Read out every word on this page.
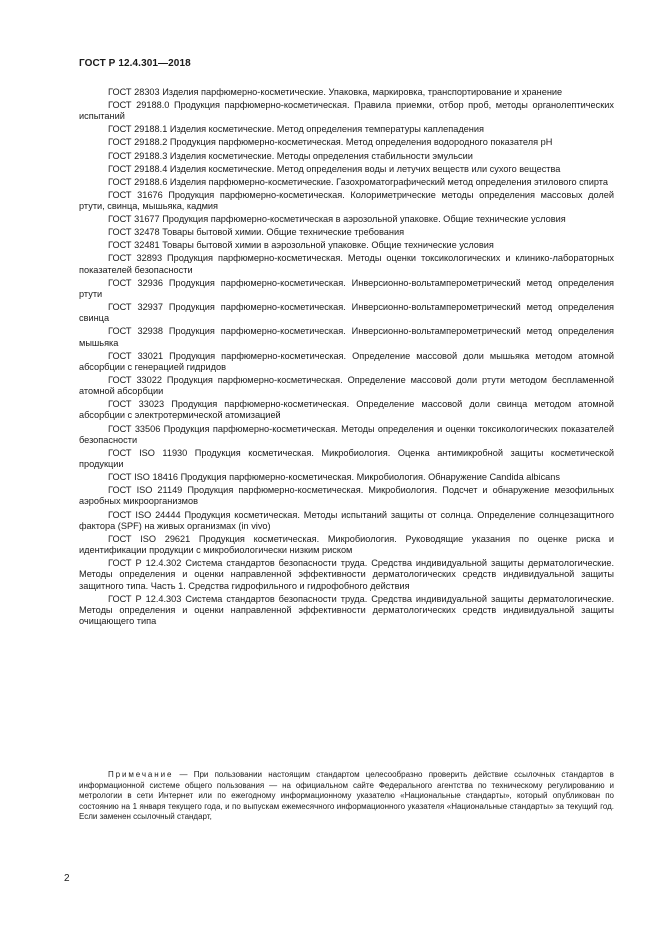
ГОСТ Р 12.4.301—2018

ГОСТ 28303 Изделия парфюмерно-косметические. Упаковка, маркировка, транспортирование и хранение

ГОСТ 29188.0 Продукция парфюмерно-косметическая. Правила приемки, отбор проб, методы органолептических испытаний

ГОСТ 29188.1 Изделия косметические. Метод определения температуры каплепадения

ГОСТ 29188.2 Продукция парфюмерно-косметическая. Метод определения водородного показателя pH

ГОСТ 29188.3 Изделия косметические. Методы определения стабильности эмульсии

ГОСТ 29188.4 Изделия косметические. Метод определения воды и летучих веществ или сухого вещества

ГОСТ 29188.6 Изделия парфюмерно-косметические. Газохроматографический метод определения этилового спирта

ГОСТ 31676 Продукция парфюмерно-косметическая. Колориметрические методы определения массовых долей ртути, свинца, мышьяка, кадмия

ГОСТ 31677 Продукция парфюмерно-косметическая в аэрозольной упаковке. Общие технические условия

ГОСТ 32478 Товары бытовой химии. Общие технические требования

ГОСТ 32481 Товары бытовой химии в аэрозольной упаковке. Общие технические условия

ГОСТ 32893 Продукция парфюмерно-косметическая. Методы оценки токсикологических и клинико-лабораторных показателей безопасности

ГОСТ 32936 Продукция парфюмерно-косметическая. Инверсионно-вольтамперометрический метод определения ртути

ГОСТ 32937 Продукция парфюмерно-косметическая. Инверсионно-вольтамперометрический метод определения свинца

ГОСТ 32938 Продукция парфюмерно-косметическая. Инверсионно-вольтамперометрический метод определения мышьяка

ГОСТ 33021 Продукция парфюмерно-косметическая. Определение массовой доли мышьяка методом атомной абсорбции с генерацией гидридов

ГОСТ 33022 Продукция парфюмерно-косметическая. Определение массовой доли ртути методом беспламенной атомной абсорбции

ГОСТ 33023 Продукция парфюмерно-косметическая. Определение массовой доли свинца методом атомной абсорбции с электротермической атомизацией

ГОСТ 33506 Продукция парфюмерно-косметическая. Методы определения и оценки токсикологических показателей безопасности

ГОСТ ISO 11930 Продукция косметическая. Микробиология. Оценка антимикробной защиты косметической продукции

ГОСТ ISO 18416 Продукция парфюмерно-косметическая. Микробиология. Обнаружение Candida albicans

ГОСТ ISO 21149 Продукция парфюмерно-косметическая. Микробиология. Подсчет и обнаружение мезофильных аэробных микроорганизмов

ГОСТ ISO 24444 Продукция косметическая. Методы испытаний защиты от солнца. Определение солнцезащитного фактора (SPF) на живых организмах (in vivo)

ГОСТ ISO 29621 Продукция косметическая. Микробиология. Руководящие указания по оценке риска и идентификации продукции с микробиологически низким риском

ГОСТ Р 12.4.302 Система стандартов безопасности труда. Средства индивидуальной защиты дерматологические. Методы определения и оценки направленной эффективности дерматологических средств индивидуальной защиты защитного типа. Часть 1. Средства гидрофильного и гидрофобного действия

ГОСТ Р 12.4.303 Система стандартов безопасности труда. Средства индивидуальной защиты дерматологические. Методы определения и оценки направленной эффективности дерматологических средств индивидуальной защиты очищающего типа

Примечание — При пользовании настоящим стандартом целесообразно проверить действие ссылочных стандартов в информационной системе общего пользования — на официальном сайте Федерального агентства по техническому регулированию и метрологии в сети Интернет или по ежегодному информационному указателю «Национальные стандарты», который опубликован по состоянию на 1 января текущего года, и по выпускам ежемесячного информационного указателя «Национальные стандарты» за текущий год. Если заменен ссылочный стандарт,
2
